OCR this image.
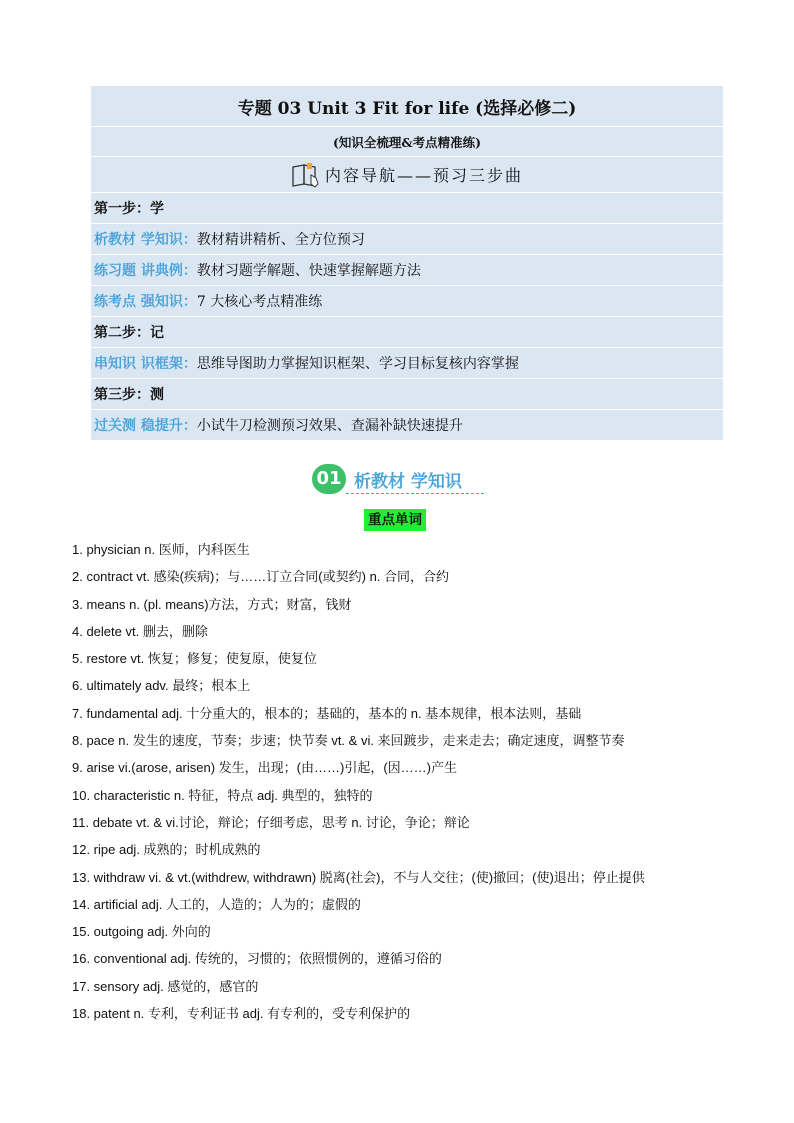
专题 03 Unit 3 Fit for life (选择必修二)
(知识全梳理&考点精准练)
内容导航——预习三步曲
第一步：学
析教材 学知识： 教材精讲精析、全方位预习
练习题 讲典例： 教材习题学解题、快速掌握解题方法
练考点 强知识： 7 大核心考点精准练
第二步：记
串知识 识框架： 思维导图助力掌握知识框架、学习目标复核内容掌握
第三步：测
过关测 稳提升： 小试牛刀检测预习效果、查漏补缺快速提升
01 析教材 学知识
重点单词
1. physician n. 医师，内科医生
2. contract vt. 感染(疾病)；与……订立合同(或契约) n. 合同，合约
3. means n. (pl. means)方法，方式；财富，钱财
4. delete vt. 删去，删除
5. restore vt. 恢复；修复；使复原，使复位
6. ultimately adv. 最终；根本上
7. fundamental adj. 十分重大的，根本的；基础的，基本的 n. 基本规律，根本法则，基础
8. pace n. 发生的速度，节奏；步速；快节奏 vt. & vi. 来回踱步，走来走去；确定速度，调整节奏
9. arise vi.(arose, arisen) 发生，出现；(由……)引起，(因……)产生
10. characteristic n. 特征，特点 adj. 典型的，独特的
11. debate vt. & vi.讨论，辩论；仔细考虑，思考 n. 讨论，争论；辩论
12. ripe adj. 成熟的；时机成熟的
13. withdraw vi. & vt.(withdrew, withdrawn) 脱离(社会)，不与人交往；(使)撤回；(使)退出；停止提供
14. artificial adj. 人工的，人造的；人为的；虚假的
15. outgoing adj. 外向的
16. conventional adj. 传统的，习惯的；依照惯例的，遵循习俗的
17. sensory adj. 感觉的，感官的
18. patent n. 专利，专利证书 adj. 有专利的，受专利保护的
